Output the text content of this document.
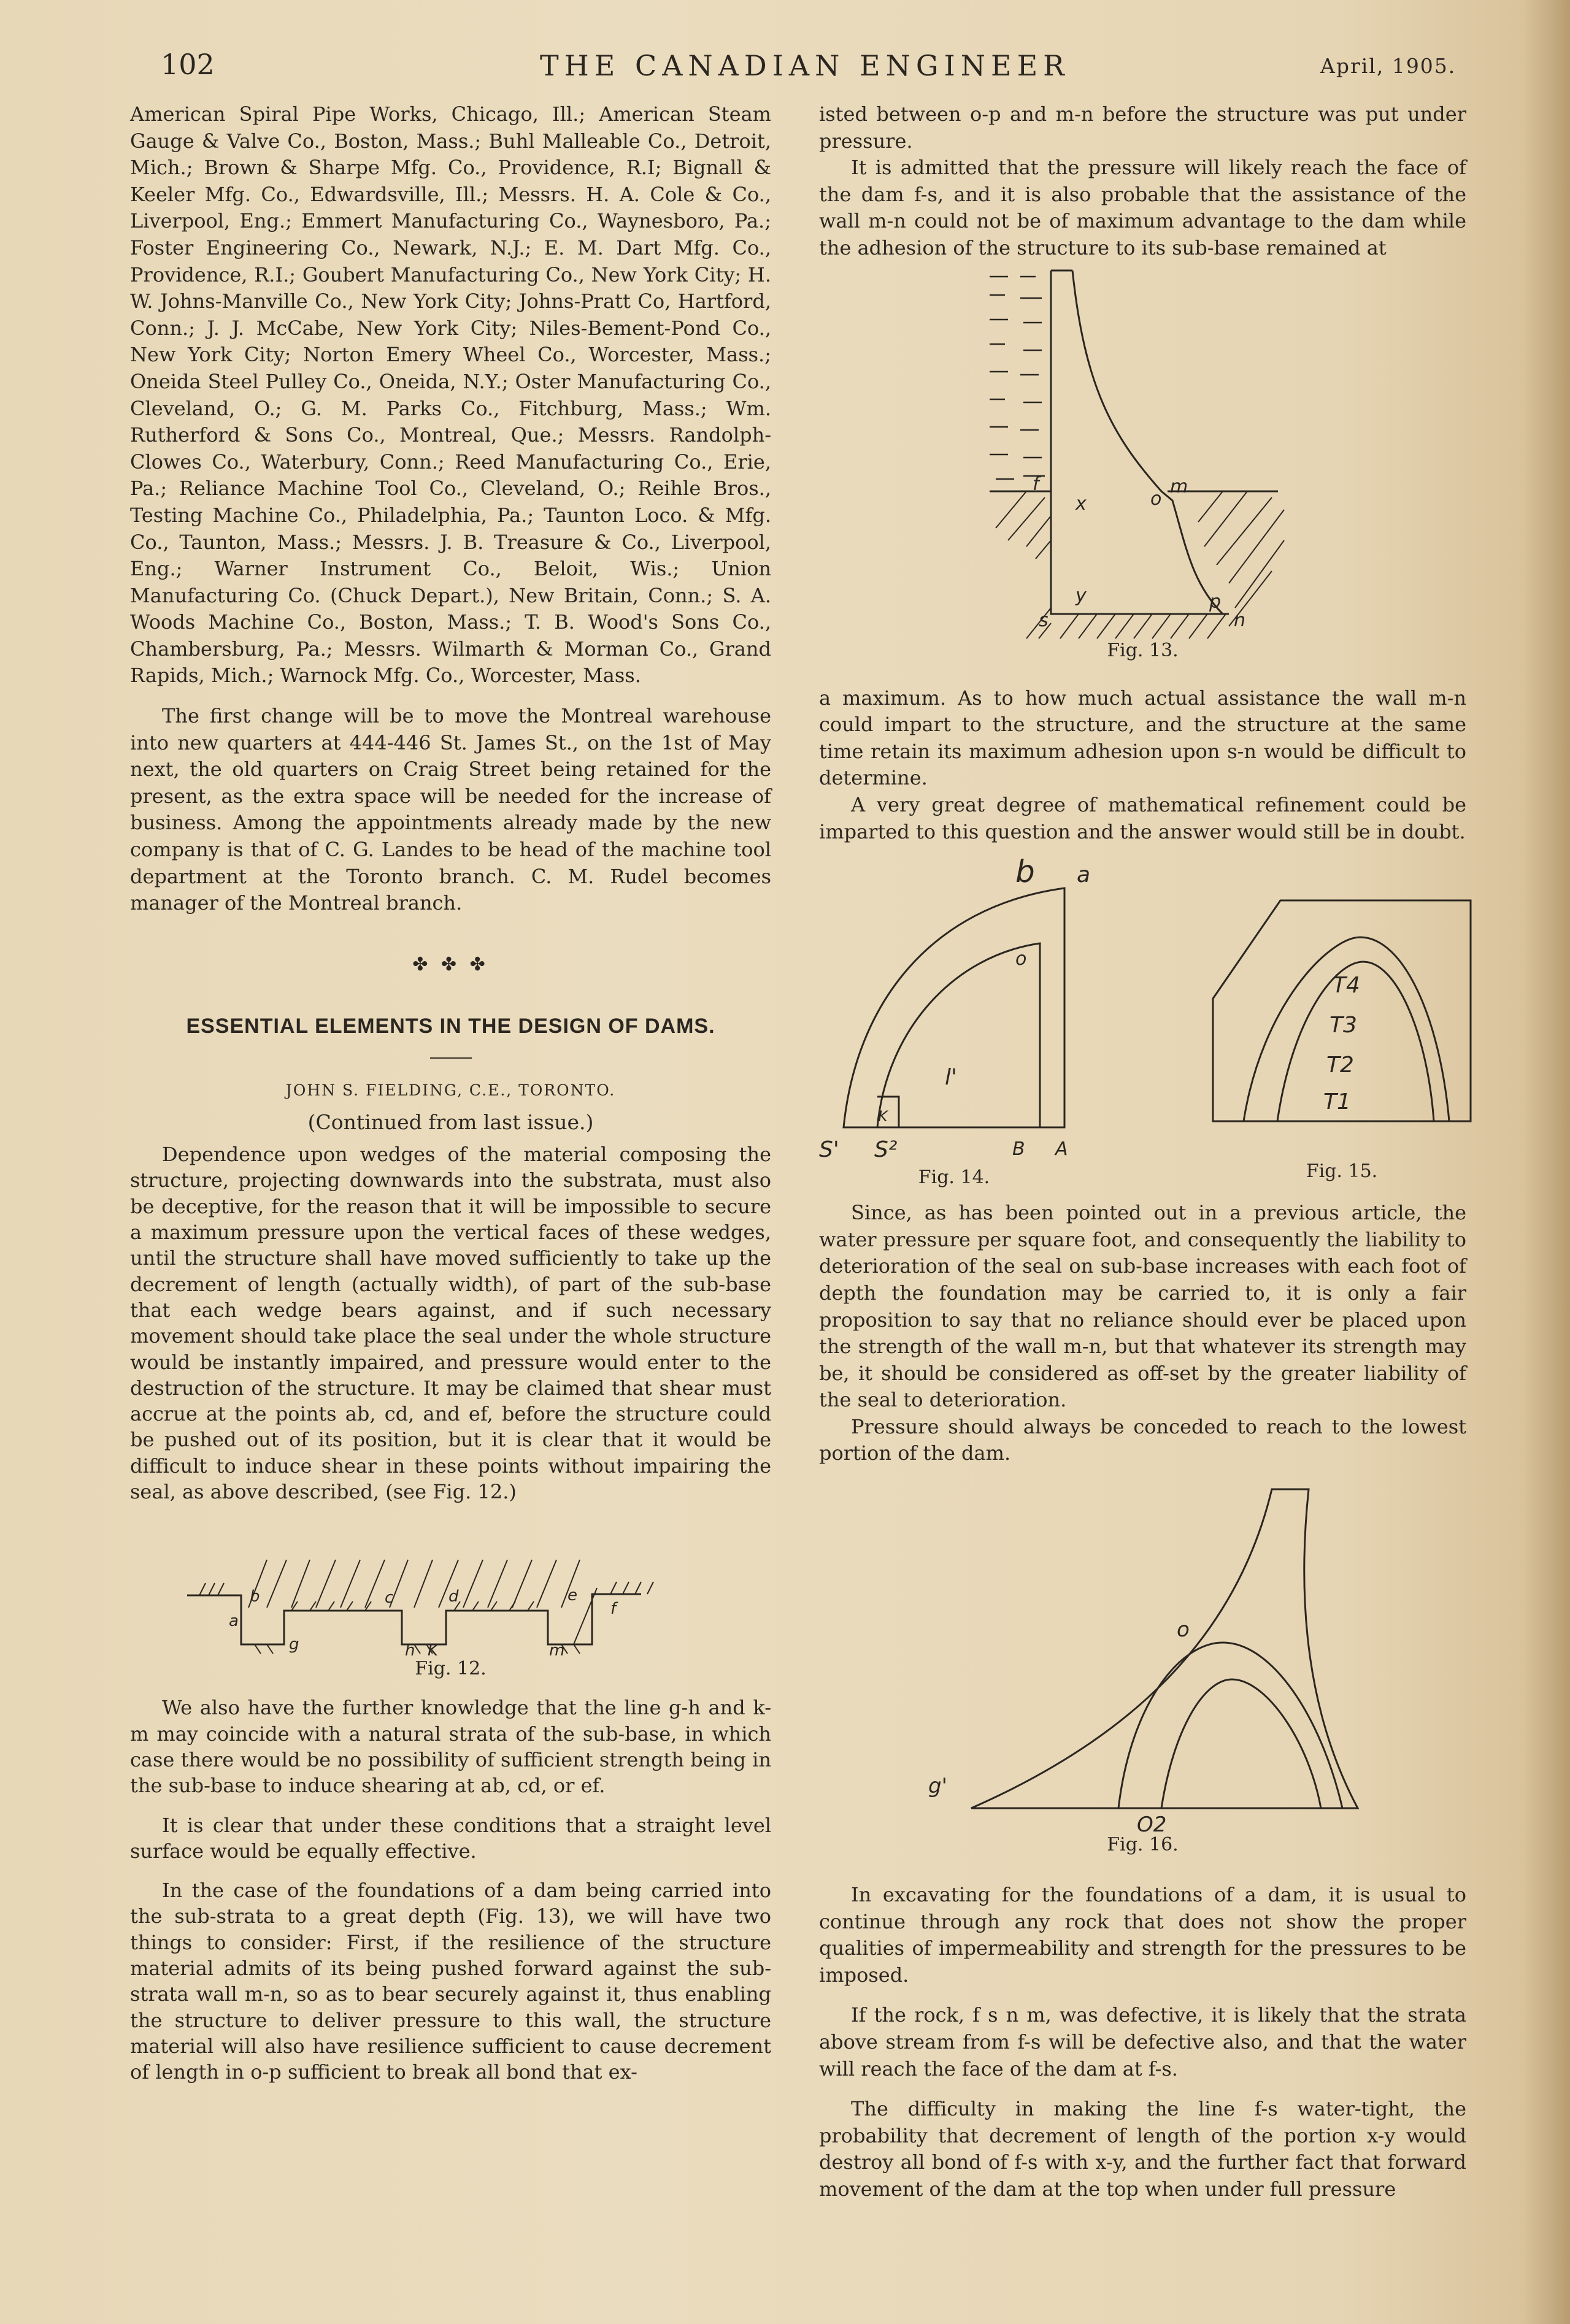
102	THE CANADIAN ENGINEER	April, 1905.

American Spiral Pipe Works, Chicago, Ill.; American Steam Gauge & Valve Co., Boston, Mass.; Buhl Malleable Co., Detroit, Mich.; Brown & Sharpe Mfg. Co., Providence, R.I; Bignall & Keeler Mfg. Co., Edwardsville, Ill.; Messrs. H. A. Cole & Co., Liverpool, Eng.; Emmert Manufacturing Co., Waynesboro, Pa.; Foster Engineering Co., Newark, N.J.; E. M. Dart Mfg. Co., Providence, R.I.; Goubert Manufacturing Co., New York City; H. W. Johns-Manville Co., New York City; Johns-Pratt Co, Hartford, Conn.; J. J. McCabe, New York City; Niles-Bement-Pond Co., New York City; Norton Emery Wheel Co., Worcester, Mass.; Oneida Steel Pulley Co., Oneida, N.Y.; Oster Manufacturing Co., Cleveland, O.; G. M. Parks Co., Fitchburg, Mass.; Wm. Rutherford & Sons Co., Montreal, Que.; Messrs. Randolph-Clowes Co., Waterbury, Conn.; Reed Manufacturing Co., Erie, Pa.; Reliance Machine Tool Co., Cleveland, O.; Reihle Bros., Testing Machine Co., Philadelphia, Pa.; Taunton Loco. & Mfg. Co., Taunton, Mass.; Messrs. J. B. Treasure & Co., Liverpool, Eng.; Warner Instrument Co., Beloit, Wis.; Union Manufacturing Co. (Chuck Depart.), New Britain, Conn.; S. A. Woods Machine Co., Boston, Mass.; T. B. Wood's Sons Co., Chambersburg, Pa.; Messrs. Wilmarth & Morman Co., Grand Rapids, Mich.; Warnock Mfg. Co., Worcester, Mass.

The first change will be to move the Montreal warehouse into new quarters at 444-446 St. James St., on the 1st of May next, the old quarters on Craig Street being retained for the present, as the extra space will be needed for the increase of business. Among the appointments already made by the new company is that of C. G. Landes to be head of the machine tool department at the Toronto branch. C. M. Rudel becomes manager of the Montreal branch.

✤ ✤ ✤

ESSENTIAL ELEMENTS IN THE DESIGN OF DAMS.

JOHN S. FIELDING, C.E., TORONTO.

(Continued from last issue.)

Dependence upon wedges of the material composing the structure, projecting downwards into the substrata, must also be deceptive, for the reason that it will be impossible to secure a maximum pressure upon the vertical faces of these wedges, until the structure shall have moved sufficiently to take up the decrement of length (actually width), of part of the sub-base that each wedge bears against, and if such necessary movement should take place the seal under the whole structure would be instantly impaired, and pressure would enter to the destruction of the structure. It may be claimed that shear must accrue at the points ab, cd, and ef, before the structure could be pushed out of its position, but it is clear that it would be difficult to induce shear in these points without impairing the seal, as above described, (see Fig. 12.)

a
b	c	d	e
f
g	h K	m

Fig. 12.

We also have the further knowledge that the line g-h and k-m may coincide with a natural strata of the sub-base, in which case there would be no possibility of sufficient strength being in the sub-base to induce shearing at ab, cd, or ef.

It is clear that under these conditions that a straight level surface would be equally effective.

In the case of the foundations of a dam being carried into the sub-strata to a great depth (Fig. 13), we will have two things to consider: First, if the resilience of the structure material admits of its being pushed forward against the sub-strata wall m-n, so as to bear securely against it, thus enabling the structure to deliver pressure to this wall, the structure material will also have resilience sufficient to cause decrement of length in o-p sufficient to break all bond that ex-

isted between o-p and m-n before the structure was put under pressure.

It is admitted that the pressure will likely reach the face of the dam f-s, and it is also probable that the assistance of the wall m-n could not be of maximum advantage to the dam while the adhesion of the structure to its sub-base remained at

f
x	o
m
y	p
n
s

Fig. 13.

a maximum. As to how much actual assistance the wall m-n could impart to the structure, and the structure at the same time retain its maximum adhesion upon s-n would be difficult to determine.

A very great degree of mathematical refinement could be imparted to this question and the answer would still be in doubt.

b a
o
K
l'
S' S²	B A

Fig. 14.

T4
T3
T2
T1

Fig. 15.

Since, as has been pointed out in a previous article, the water pressure per square foot, and consequently the liability to deterioration of the seal on sub-base increases with each foot of depth the foundation may be carried to, it is only a fair proposition to say that no reliance should ever be placed upon the strength of the wall m-n, but that whatever its strength may be, it should be considered as off-set by the greater liability of the seal to deterioration.

Pressure should always be conceded to reach to the lowest portion of the dam.

o
g'
O2

Fig. 16.

In excavating for the foundations of a dam, it is usual to continue through any rock that does not show the proper qualities of impermeability and strength for the pressures to be imposed.

If the rock, f s n m, was defective, it is likely that the strata above stream from f-s will be defective also, and that the water will reach the face of the dam at f-s.

The difficulty in making the line f-s water-tight, the probability that decrement of length of the portion x-y would destroy all bond of f-s with x-y, and the further fact that forward movement of the dam at the top when under full pressure
